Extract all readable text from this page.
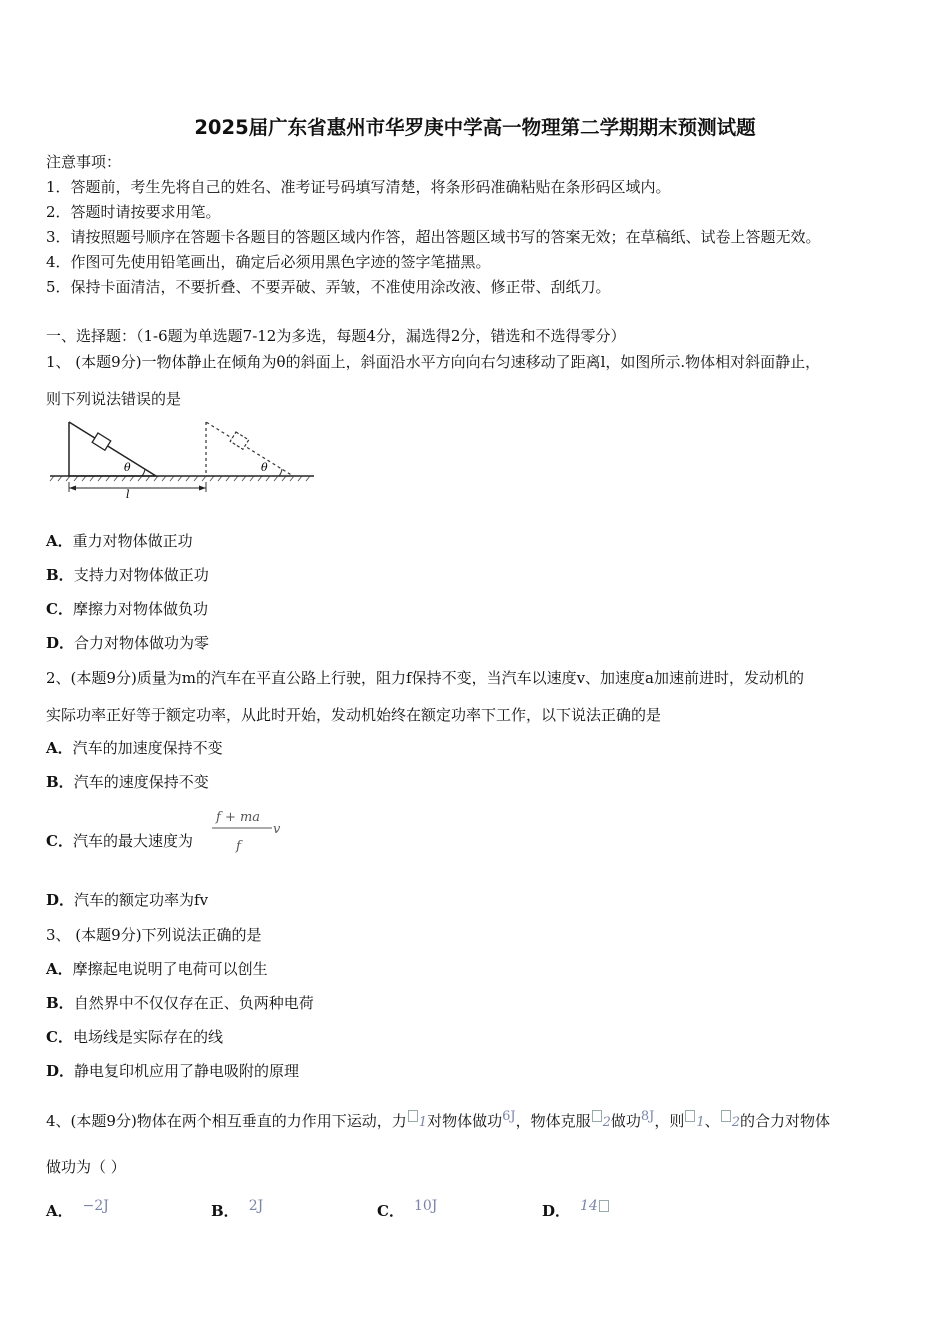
2025届广东省惠州市华罗庚中学高一物理第二学期期末预测试题
注意事项：
1．答题前，考生先将自己的姓名、准考证号码填写清楚，将条形码准确粘贴在条形码区域内。
2．答题时请按要求用笔。
3．请按照题号顺序在答题卡各题目的答题区域内作答，超出答题区域书写的答案无效；在草稿纸、试卷上答题无效。
4．作图可先使用铅笔画出，确定后必须用黑色字迹的签字笔描黑。
5．保持卡面清洁，不要折叠、不要弄破、弄皱，不准使用涂改液、修正带、刮纸刀。
一、选择题：（1-6题为单选题7-12为多选，每题4分，漏选得2分，错选和不选得零分）
1、 (本题9分)一物体静止在倾角为θ的斜面上，斜面沿水平方向向右匀速移动了距离l，如图所示.物体相对斜面静止，
则下列说法错误的是
θ	θ
l
A．重力对物体做正功
B．支持力对物体做正功
C．摩擦力对物体做负功
D．合力对物体做功为零
2、(本题9分)质量为m的汽车在平直公路上行驶，阻力f保持不变，当汽车以速度v、加速度a加速前进时，发动机的
实际功率正好等于额定功率，从此时开始，发动机始终在额定功率下工作，以下说法正确的是
A．汽车的加速度保持不变
B．汽车的速度保持不变
C．汽车的最大速度为
f + ma
f
v
D．汽车的额定功率为fv
3、 (本题9分)下列说法正确的是
A．摩擦起电说明了电荷可以创生
B．自然界中不仅仅存在正、负两种电荷
C．电场线是实际存在的线
D．静电复印机应用了静电吸附的原理
4、(本题9分)物体在两个相互垂直的力作用下运动，力 1对物体做功6J，物体克服 2做功8J，则 1、 2的合力对物体
做功为（ ）
A． −2J	B． 2J	C． 10J	D． 14
